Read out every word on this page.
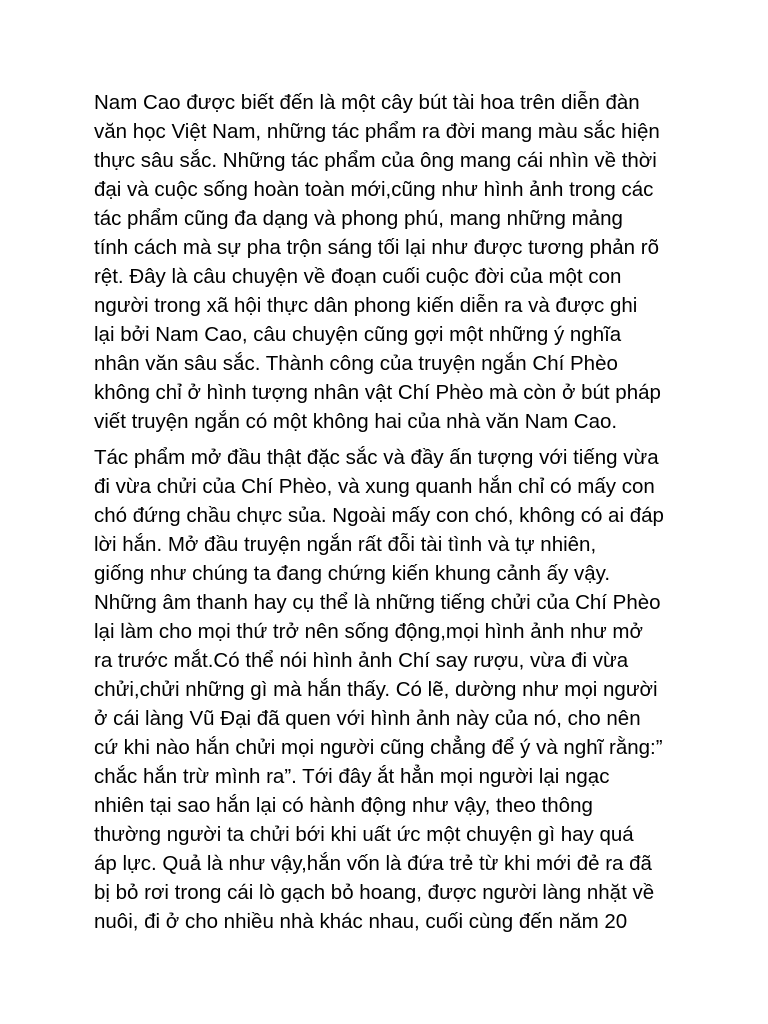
Nam Cao được biết đến là một cây bút tài hoa trên diễn đàn
văn học Việt Nam, những tác phẩm ra đời mang màu sắc hiện
thực sâu sắc. Những tác phẩm của ông mang cái nhìn về thời
đại và cuộc sống hoàn toàn mới,cũng như hình ảnh trong các
tác phẩm cũng đa dạng và phong phú, mang những mảng
tính cách mà sự pha trộn sáng tối lại như được tương phản rõ
rệt. Đây là câu chuyện về đoạn cuối cuộc đời của một con
người trong xã hội thực dân phong kiến diễn ra và được ghi
lại bởi Nam Cao, câu chuyện cũng gợi một những ý nghĩa
nhân văn sâu sắc. Thành công của truyện ngắn Chí Phèo
không chỉ ở hình tượng nhân vật Chí Phèo mà còn ở bút pháp
viết truyện ngắn có một không hai của nhà văn Nam Cao.
Tác phẩm mở đầu thật đặc sắc và đầy ấn tượng với tiếng vừa
đi vừa chửi của Chí Phèo, và xung quanh hắn chỉ có mấy con
chó đứng chầu chực sủa. Ngoài mấy con chó, không có ai đáp
lời hắn. Mở đầu truyện ngắn rất đỗi tài tình và tự nhiên,
giống như chúng ta đang chứng kiến khung cảnh ấy vậy.
Những âm thanh hay cụ thể là những tiếng chửi của Chí Phèo
lại làm cho mọi thứ trở nên sống động,mọi hình ảnh như mở
ra trước mắt.Có thể nói hình ảnh Chí say rượu, vừa đi vừa
chửi,chửi những gì mà hắn thấy. Có lẽ, dường như mọi người
ở cái làng Vũ Đại đã quen với hình ảnh này của nó, cho nên
cứ khi nào hắn chửi mọi người cũng chẳng để ý và nghĩ rằng:”
chắc hắn trừ mình ra”. Tới đây ắt hẳn mọi người lại ngạc
nhiên tại sao hắn lại có hành động như vậy, theo thông
thường người ta chửi bới khi uất ức một chuyện gì hay quá
áp lực. Quả là như vậy,hắn vốn là đứa trẻ từ khi mới đẻ ra đã
bị bỏ rơi trong cái lò gạch bỏ hoang, được người làng nhặt về
nuôi, đi ở cho nhiều nhà khác nhau, cuối cùng đến năm 20
